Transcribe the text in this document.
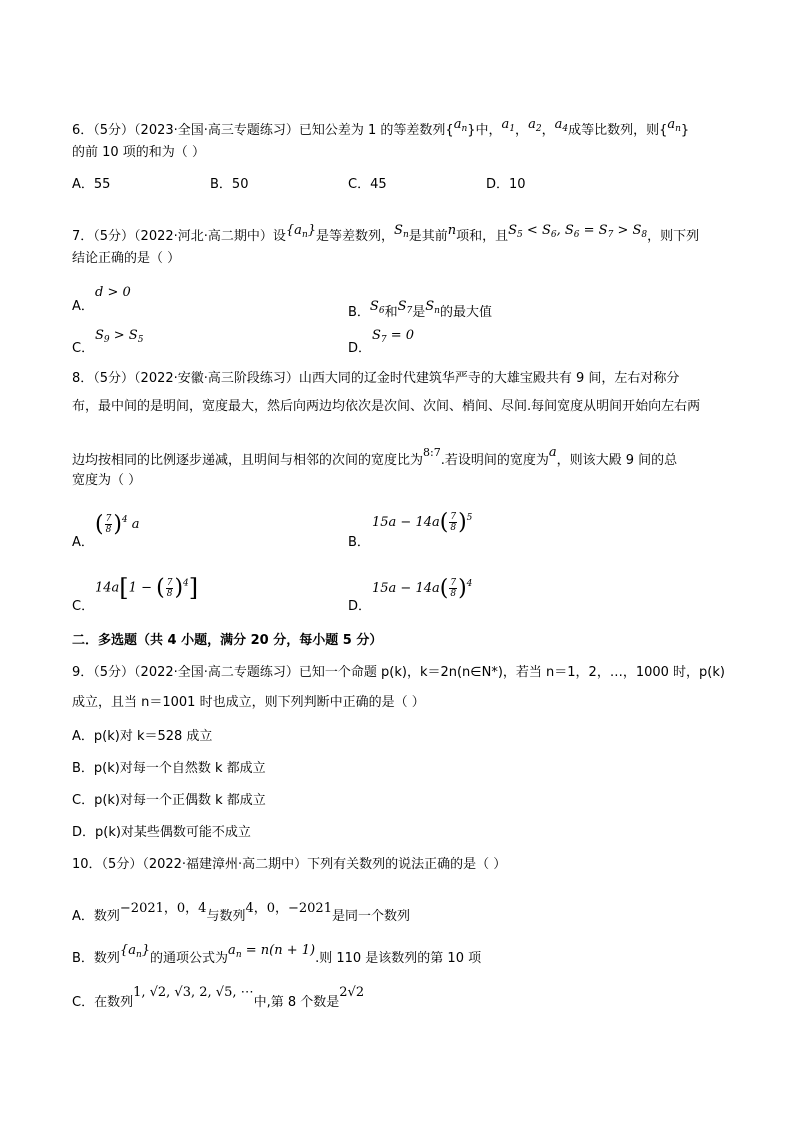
6．（5分）（2023·全国·高三专题练习）已知公差为 1 的等差数列$\{a_n\}$中，$a_1$，$a_2$，$a_4$成等比数列，则$\{a_n\}$
的前 10 项的和为（ ）
A．55	B．50	C．45	D．10
7．（5分）（2022·河北·高二期中）设$\{a_n\}$是等差数列，$S_n$是其前n项和，且$S_5 < S_6$, $S_6 = S_7 > S_8$，则下列
结论正确的是（ ）
A．
d > 0
B．$S_6$和$S_7$是$S_n$的最大值
C．
$S_9 > S_5$
D．
$S_7 = 0$
8．（5分）（2022·安徽·高三阶段练习）山西大同的辽金时代建筑华严寺的大雄宝殿共有 9 间，左右对称分
布，最中间的是明间，宽度最大，然后向两边均依次是次间、次间、梢间、尽间.每间宽度从明间开始向左右两
边均按相同的比例逐步递减，且明间与相邻的次间的宽度比为$^{8:7}$.若设明间的宽度为a，则该大殿 9 间的总
宽度为（ ）
A．
( $\frac{7}{8} )^4$ a
B．
$15a - 14a( \frac{7}{8} )^5$
C．
14a[1 − ( $\frac{7}{8} )^4$]
D．
$15a - 14a( \frac{7}{8} )^4$
二．多选题（共 4 小题，满分 20 分，每小题 5 分）
9．（5分）（2022·全国·高二专题练习）已知一个命题 p(k)，k＝2n(n∈N*)，若当 n＝1，2，…，1000 时，p(k)
成立，且当 n＝1001 时也成立，则下列判断中正确的是（ ）
A．p(k)对 k＝528 成立
B．p(k)对每一个自然数 k 都成立
C．p(k)对每一个正偶数 k 都成立
D．p(k)对某些偶数可能不成立
10．（5分）（2022·福建漳州·高二期中）下列有关数列的说法正确的是（ ）
A．数列−2021，0，4与数列4，0，−2021是同一个数列
B．数列$\{a_n\}$的通项公式为$a_n = n(n + 1)$.则 110 是该数列的第 10 项
C．在数列1, √2, √3, 2, √5, ⋯中,第 8 个数是2√2
